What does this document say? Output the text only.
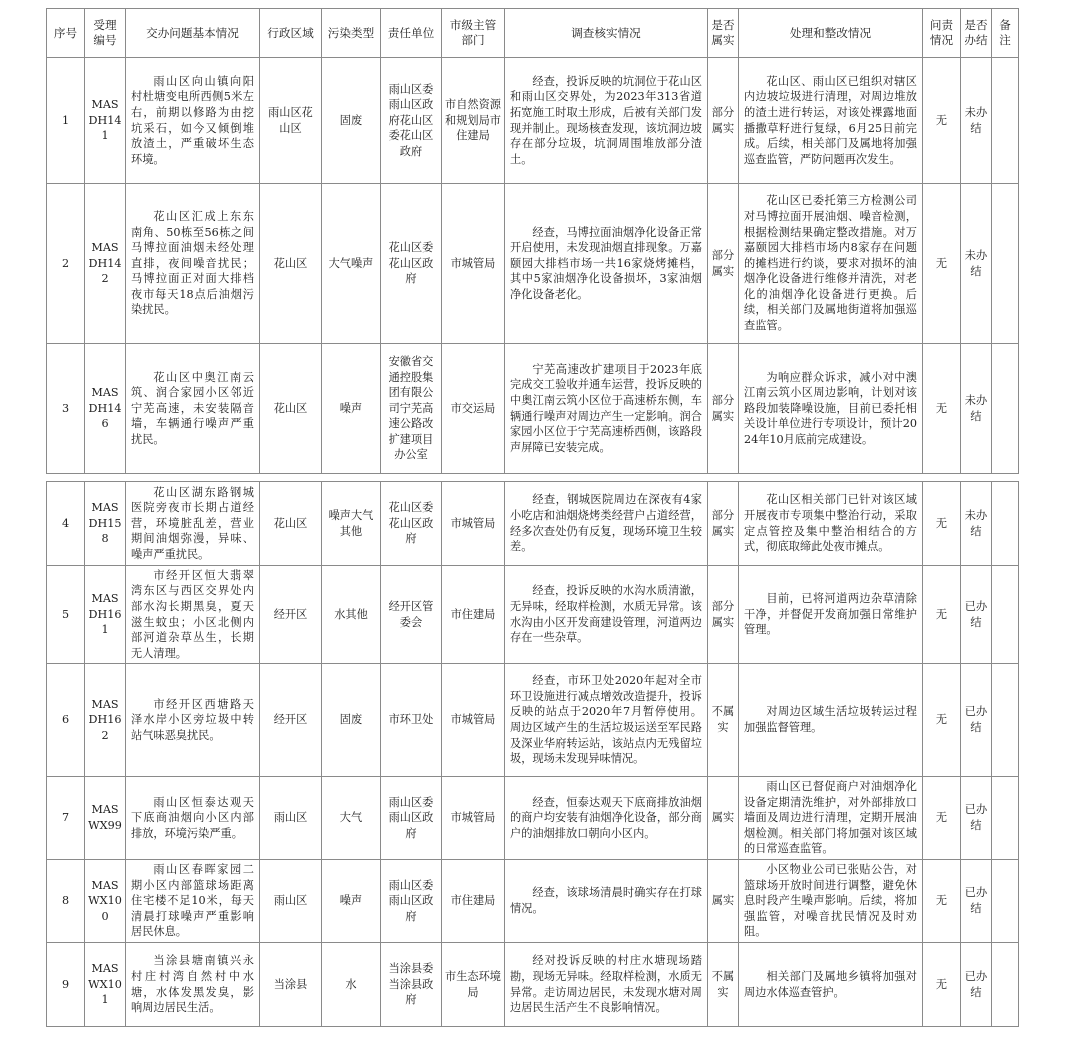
序号	受理编号	交办问题基本情况	行政区域	污染类型	责任单位	市级主管部门	调查核实情况	是否属实	处理和整改情况	问责情况	是否办结	备注
1	MASDH141	雨山区向山镇向阳村杜塘变电所西侧5米左右，前期以修路为由挖坑采石，如今又倾倒堆放渣土，严重破坏生态环境。	雨山区花山区	固废	雨山区委雨山区政府花山区委花山区政府	市自然资源和规划局市住建局	经查，投诉反映的坑洞位于花山区和雨山区交界处，为2023年313省道拓宽施工时取土形成，后被有关部门发现并制止。现场核查发现，该坑洞边坡存在部分垃圾，坑洞周围堆放部分渣土。	部分属实	花山区、雨山区已组织对辖区内边坡垃圾进行清理，对周边堆放的渣土进行转运，对该处裸露地面播撒草籽进行复绿，6月25日前完成。后续，相关部门及属地将加强巡查监管，严防问题再次发生。	无	未办结	
2	MASDH142	花山区汇成上东东南角、50栋至56栋之间马博拉面油烟未经处理直排，夜间噪音扰民；马博拉面正对面大排档夜市每天18点后油烟污染扰民。	花山区	大气噪声	花山区委花山区政府	市城管局	经查，马博拉面油烟净化设备正常开启使用，未发现油烟直排现象。万嘉颐园大排档市场一共16家烧烤摊档，其中5家油烟净化设备损坏，3家油烟净化设备老化。	部分属实	花山区已委托第三方检测公司对马博拉面开展油烟、噪音检测，根据检测结果确定整改措施。对万嘉颐园大排档市场内8家存在问题的摊档进行约谈，要求对损坏的油烟净化设备进行维修并清洗，对老化的油烟净化设备进行更换。后续，相关部门及属地街道将加强巡查监管。	无	未办结	
3	MASDH146	花山区中奥江南云筑、润合家园小区邻近宁芜高速，未安装隔音墙，车辆通行噪声严重扰民。	花山区	噪声	安徽省交通控股集团有限公司宁芜高速公路改扩建项目办公室	市交运局	宁芜高速改扩建项目于2023年底完成交工验收并通车运营，投诉反映的中奥江南云筑小区位于高速桥东侧，车辆通行噪声对周边产生一定影响。润合家园小区位于宁芜高速桥西侧，该路段声屏障已安装完成。	部分属实	为响应群众诉求，减小对中澳江南云筑小区周边影响，计划对该路段加装降噪设施，目前已委托相关设计单位进行专项设计，预计2024年10月底前完成建设。	无	未办结	
4	MASDH158	花山区湖东路钢城医院旁夜市长期占道经营，环境脏乱差，营业期间油烟弥漫，异味、噪声严重扰民。	花山区	噪声大气其他	花山区委花山区政府	市城管局	经查，钢城医院周边在深夜有4家小吃店和油烟烧烤类经营户占道经营，经多次查处仍有反复，现场环境卫生较差。	部分属实	花山区相关部门已针对该区域开展夜市专项集中整治行动，采取定点管控及集中整治相结合的方式，彻底取缔此处夜市摊点。	无	未办结	
5	MASDH161	市经开区恒大翡翠湾东区与西区交界处内部水沟长期黑臭，夏天滋生蚊虫；小区北侧内部河道杂草丛生，长期无人清理。	经开区	水其他	经开区管委会	市住建局	经查，投诉反映的水沟水质清澈，无异味，经取样检测，水质无异常。该水沟由小区开发商建设管理，河道两边存在一些杂草。	部分属实	目前，已将河道两边杂草清除干净，并督促开发商加强日常维护管理。	无	已办结	
6	MASDH162	市经开区西塘路天泽水岸小区旁垃圾中转站气味恶臭扰民。	经开区	固废	市环卫处	市城管局	经查，市环卫处2020年起对全市环卫设施进行减点增效改造提升，投诉反映的站点于2020年7月暂停使用。周边区域产生的生活垃圾运送至军民路及深业华府转运站，该站点内无残留垃圾，现场未发现异味情况。	不属实	对周边区域生活垃圾转运过程加强监督管理。	无	已办结	
7	MASWX99	雨山区恒泰达观天下底商油烟向小区内部排放，环境污染严重。	雨山区	大气	雨山区委雨山区政府	市城管局	经查，恒泰达观天下底商排放油烟的商户均安装有油烟净化设备，部分商户的油烟排放口朝向小区内。	属实	雨山区已督促商户对油烟净化设备定期清洗维护，对外部排放口墙面及周边进行清理，定期开展油烟检测。相关部门将加强对该区域的日常巡查监管。	无	已办结	
8	MASWX100	雨山区春晖家园二期小区内部篮球场距离住宅楼不足10米，每天清晨打球噪声严重影响居民休息。	雨山区	噪声	雨山区委雨山区政府	市住建局	经查，该球场清晨时确实存在打球情况。	属实	小区物业公司已张贴公告，对篮球场开放时间进行调整，避免休息时段产生噪声影响。后续，将加强监管，对噪音扰民情况及时劝阻。	无	已办结	
9	MASWX101	当涂县塘南镇兴永村庄村湾自然村中水塘，水体发黑发臭，影响周边居民生活。	当涂县	水	当涂县委当涂县政府	市生态环境局	经对投诉反映的村庄水塘现场踏勘，现场无异味。经取样检测，水质无异常。走访周边居民，未发现水塘对周边居民生活产生不良影响情况。	不属实	相关部门及属地乡镇将加强对周边水体巡查管护。	无	已办结	
